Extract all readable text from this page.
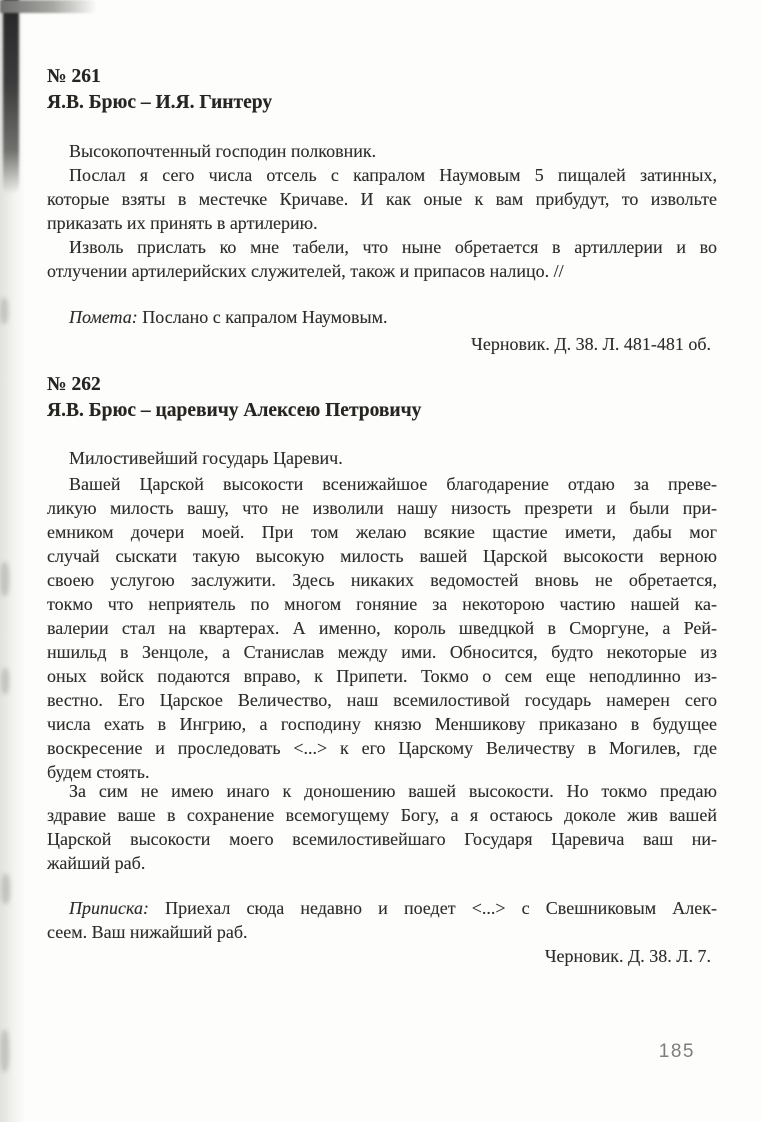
№ 261
Я.В. Брюс – И.Я. Гинтеру
Высокопочтенный господин полковник.
Послал я сего числа отсель с капралом Наумовым 5 пищалей затинных,
которые взяты в местечке Кричаве. И как оные к вам прибудут, то извольте
приказать их принять в артилерию.
Изволь прислать ко мне табели, что ныне обретается в артиллерии и во
отлучении артилерийских служителей, також и припасов налицо. //
Помета: Послано с капралом Наумовым.
Черновик. Д. 38. Л. 481-481 об.
№ 262
Я.В. Брюс – царевичу Алексею Петровичу
Милостивейший государь Царевич.
Вашей Царской высокости всенижайшое благодарение отдаю за преве-
ликую милость вашу, что не изволили нашу низость презрети и были при-
емником дочери моей. При том желаю всякие щастие имети, дабы мог
случай сыскати такую высокую милость вашей Царской высокости верною
своею услугою заслужити. Здесь никаких ведомостей вновь не обретается,
токмо что неприятель по многом гоняние за некоторою частию нашей ка-
валерии стал на квартерах. А именно, король шведцкой в Сморгуне, а Рей-
ншильд в Зенцоле, а Станислав между ими. Обносится, будто некоторые из
оных войск подаются вправо, к Припети. Токмо о сем еще неподлинно из-
вестно. Его Царское Величество, наш всемилостивой государь намерен сего
числа ехать в Ингрию, а господину князю Меншикову приказано в будущее
воскресение и проследовать <...> к его Царскому Величеству в Могилев, где
будем стоять.
За сим не имею инаго к доношению вашей высокости. Но токмо предаю
здравие ваше в сохранение всемогущему Богу, а я остаюсь доколе жив вашей
Царской высокости моего всемилостивейшаго Государя Царевича ваш ни-
жайший раб.
Приписка: Приехал сюда недавно и поедет <...> с Свешниковым Алек-
сеем. Ваш нижайший раб.
Черновик. Д. 38. Л. 7.
185
